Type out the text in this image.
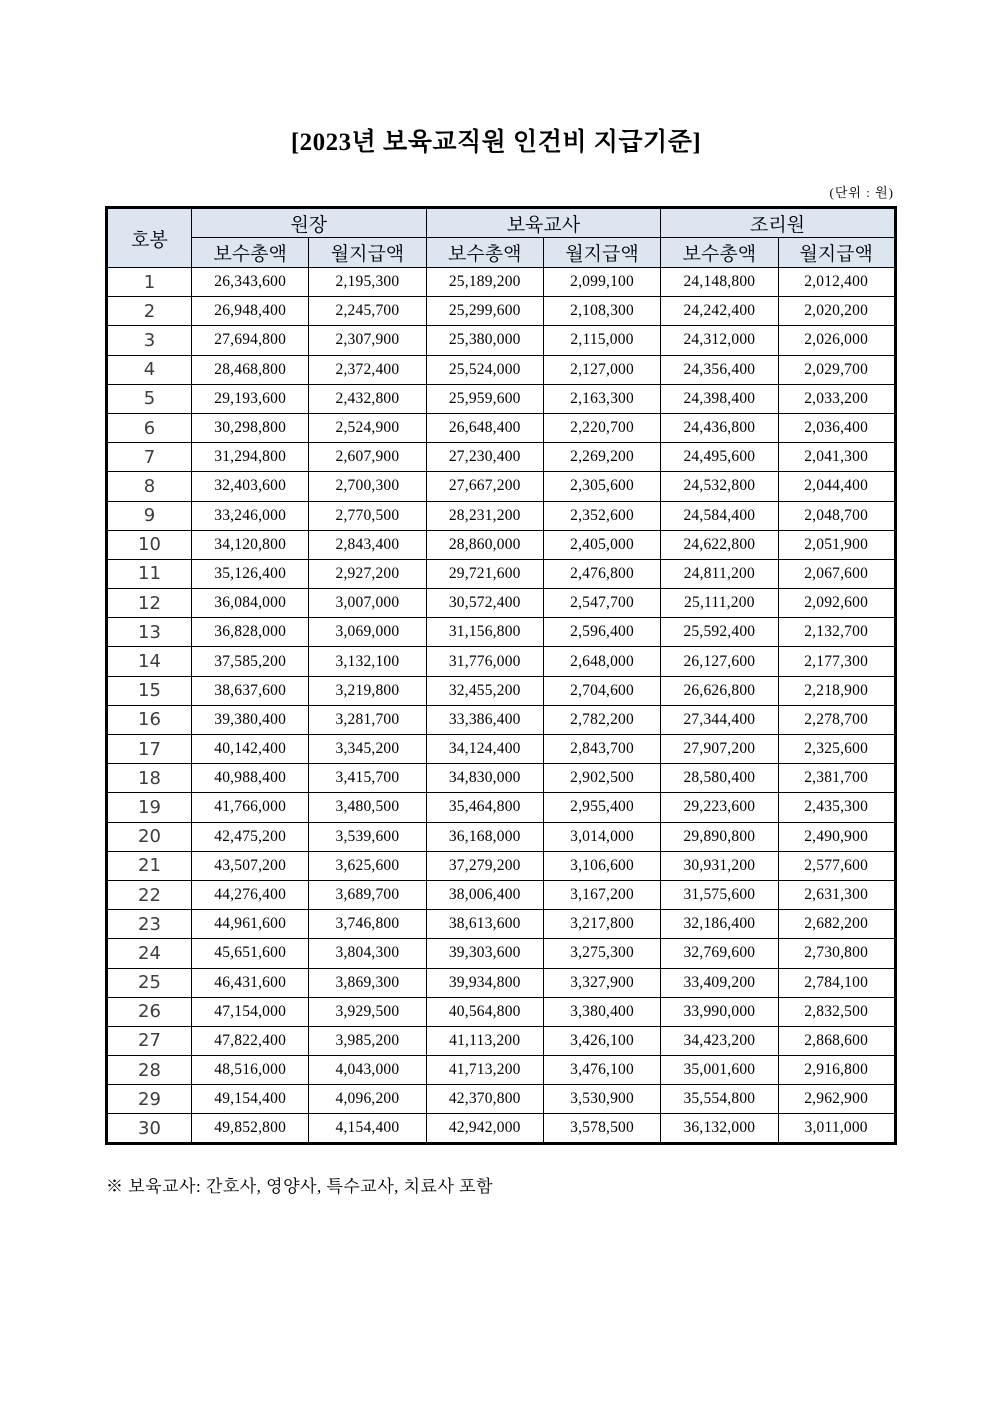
[2023년 보육교직원 인건비 지급기준]
(단위 : 원)
호봉	원장		보육교사		조리원	
	보수총액	월지급액	보수총액	월지급액	보수총액	월지급액
1	26,343,600	2,195,300	25,189,200	2,099,100	24,148,800	2,012,400
2	26,948,400	2,245,700	25,299,600	2,108,300	24,242,400	2,020,200
3	27,694,800	2,307,900	25,380,000	2,115,000	24,312,000	2,026,000
4	28,468,800	2,372,400	25,524,000	2,127,000	24,356,400	2,029,700
5	29,193,600	2,432,800	25,959,600	2,163,300	24,398,400	2,033,200
6	30,298,800	2,524,900	26,648,400	2,220,700	24,436,800	2,036,400
7	31,294,800	2,607,900	27,230,400	2,269,200	24,495,600	2,041,300
8	32,403,600	2,700,300	27,667,200	2,305,600	24,532,800	2,044,400
9	33,246,000	2,770,500	28,231,200	2,352,600	24,584,400	2,048,700
10	34,120,800	2,843,400	28,860,000	2,405,000	24,622,800	2,051,900
11	35,126,400	2,927,200	29,721,600	2,476,800	24,811,200	2,067,600
12	36,084,000	3,007,000	30,572,400	2,547,700	25,111,200	2,092,600
13	36,828,000	3,069,000	31,156,800	2,596,400	25,592,400	2,132,700
14	37,585,200	3,132,100	31,776,000	2,648,000	26,127,600	2,177,300
15	38,637,600	3,219,800	32,455,200	2,704,600	26,626,800	2,218,900
16	39,380,400	3,281,700	33,386,400	2,782,200	27,344,400	2,278,700
17	40,142,400	3,345,200	34,124,400	2,843,700	27,907,200	2,325,600
18	40,988,400	3,415,700	34,830,000	2,902,500	28,580,400	2,381,700
19	41,766,000	3,480,500	35,464,800	2,955,400	29,223,600	2,435,300
20	42,475,200	3,539,600	36,168,000	3,014,000	29,890,800	2,490,900
21	43,507,200	3,625,600	37,279,200	3,106,600	30,931,200	2,577,600
22	44,276,400	3,689,700	38,006,400	3,167,200	31,575,600	2,631,300
23	44,961,600	3,746,800	38,613,600	3,217,800	32,186,400	2,682,200
24	45,651,600	3,804,300	39,303,600	3,275,300	32,769,600	2,730,800
25	46,431,600	3,869,300	39,934,800	3,327,900	33,409,200	2,784,100
26	47,154,000	3,929,500	40,564,800	3,380,400	33,990,000	2,832,500
27	47,822,400	3,985,200	41,113,200	3,426,100	34,423,200	2,868,600
28	48,516,000	4,043,000	41,713,200	3,476,100	35,001,600	2,916,800
29	49,154,400	4,096,200	42,370,800	3,530,900	35,554,800	2,962,900
30	49,852,800	4,154,400	42,942,000	3,578,500	36,132,000	3,011,000
※ 보육교사: 간호사, 영양사, 특수교사, 치료사 포함
